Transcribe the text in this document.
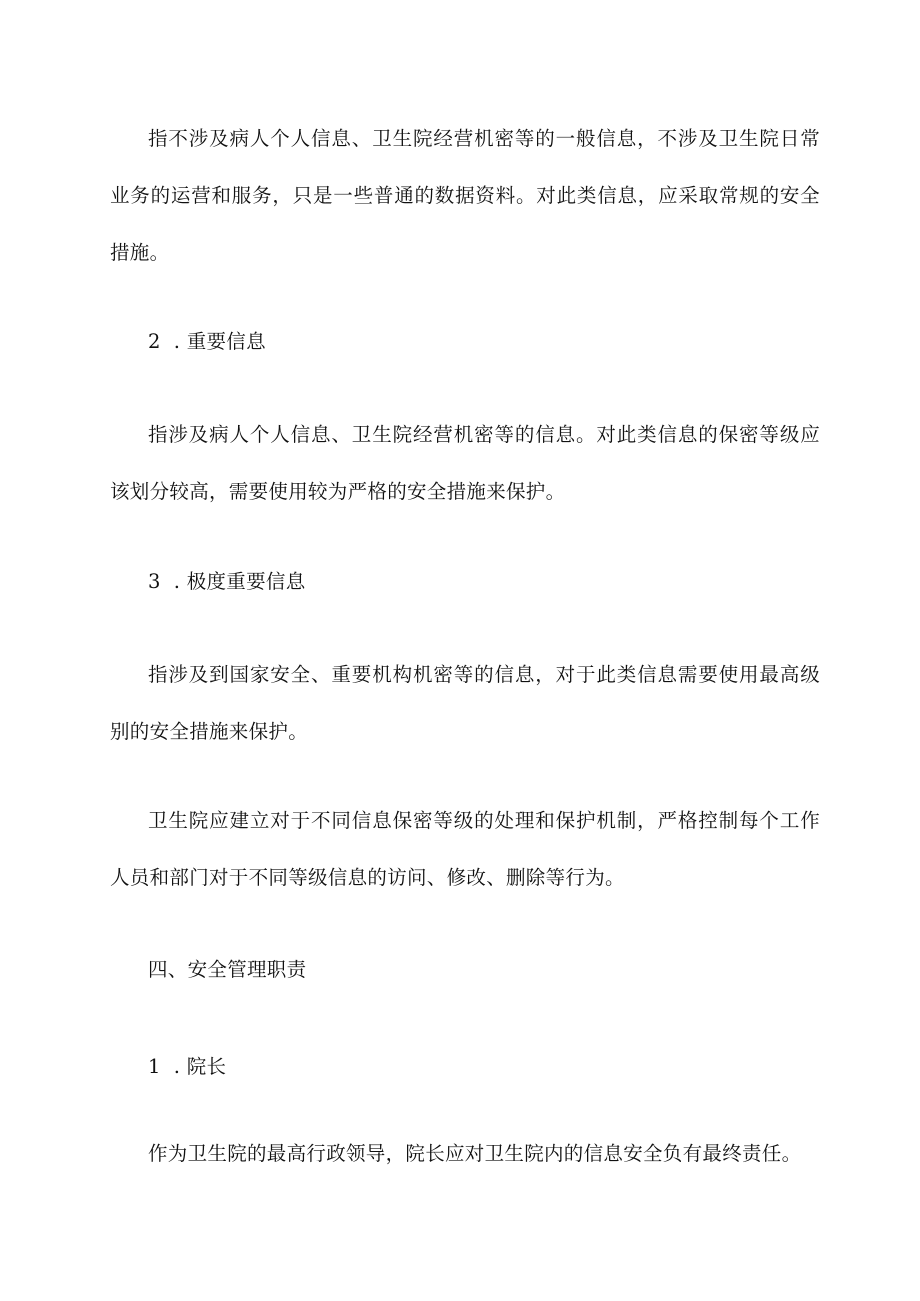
指不涉及病人个人信息、卫生院经营机密等的一般信息，不涉及卫生院日常业务的运营和服务，只是一些普通的数据资料。对此类信息，应采取常规的安全措施。

2  . 重要信息

指涉及病人个人信息、卫生院经营机密等的信息。对此类信息的保密等级应该划分较高，需要使用较为严格的安全措施来保护。

3  . 极度重要信息

指涉及到国家安全、重要机构机密等的信息，对于此类信息需要使用最高级别的安全措施来保护。

卫生院应建立对于不同信息保密等级的处理和保护机制，严格控制每个工作人员和部门对于不同等级信息的访问、修改、删除等行为。

四、安全管理职责

1  . 院长

作为卫生院的最高行政领导，院长应对卫生院内的信息安全负有最终责任。
